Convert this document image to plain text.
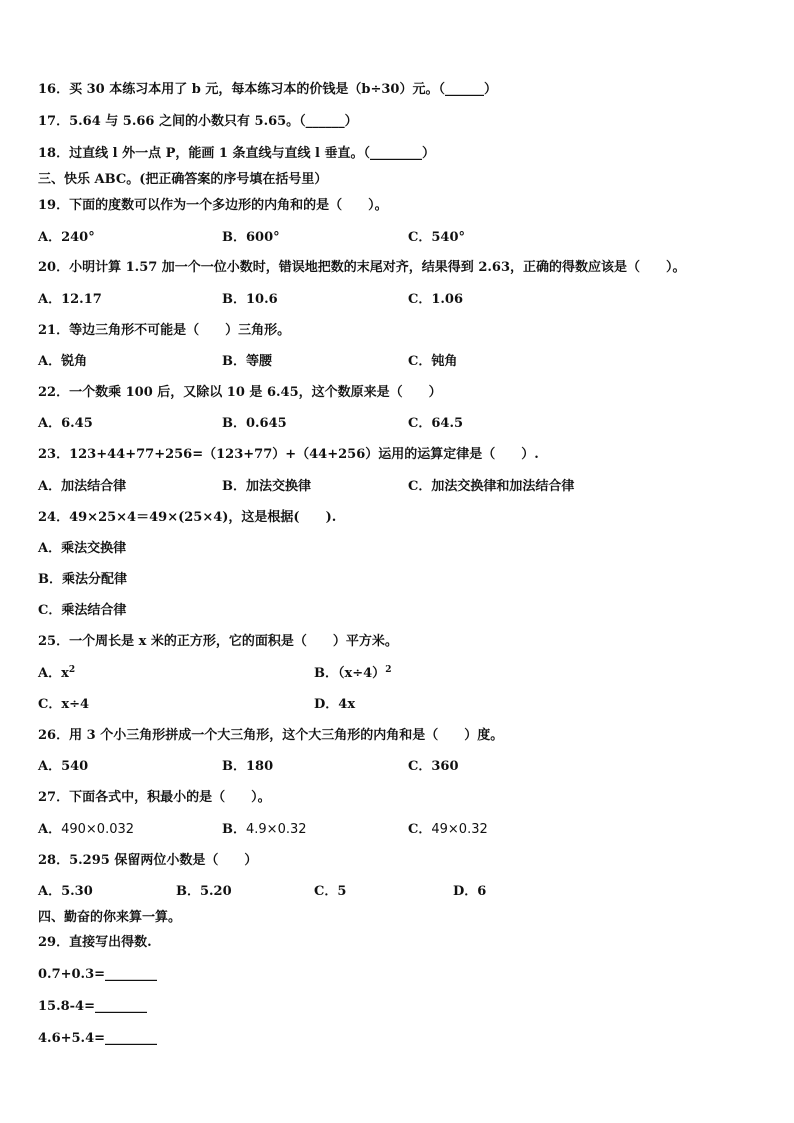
16．买 30 本练习本用了 b 元，每本练习本的价钱是（b÷30）元。（______）
17．5.64 与 5.66 之间的小数只有 5.65。（______）
18．过直线 l 外一点 P，能画 1 条直线与直线 l 垂直。（________）
三、快乐 ABC。(把正确答案的序号填在括号里）
19．下面的度数可以作为一个多边形的内角和的是（　　）。
A．240°	B．600°	C．540°
20．小明计算 1.57 加一个一位小数时，错误地把数的末尾对齐，结果得到 2.63，正确的得数应该是（　　）。
A．12.17	B．10.6	C．1.06
21．等边三角形不可能是（　　）三角形。
A．锐角	B．等腰	C．钝角
22．一个数乘 100 后，又除以 10 是 6.45，这个数原来是（　　）
A．6.45	B．0.645	C．64.5
23．123+44+77+256=（123+77）+（44+256）运用的运算定律是（　　）.
A．加法结合律	B．加法交换律	C．加法交换律和加法结合律
24．49×25×4＝49×(25×4)，这是根据(　　).
A．乘法交换律
B．乘法分配律
C．乘法结合律
25．一个周长是 x 米的正方形，它的面积是（　　）平方米。
A．$x^2$	B．$(x\div 4)^2$
C．x÷4	D．4x
26．用 3 个小三角形拼成一个大三角形，这个大三角形的内角和是（　　）度。
A．540	B．180	C．360
27．下面各式中，积最小的是（　　）。
A．490×0.032	B．4.9×0.32	C．49×0.32
28．5.295 保留两位小数是（　　）
A．5.30	B．5.20	C．5	D．6
四、勤奋的你来算一算。
29．直接写出得数.
0.7+0.3=________
15.8-4=________
4.6+5.4=________
